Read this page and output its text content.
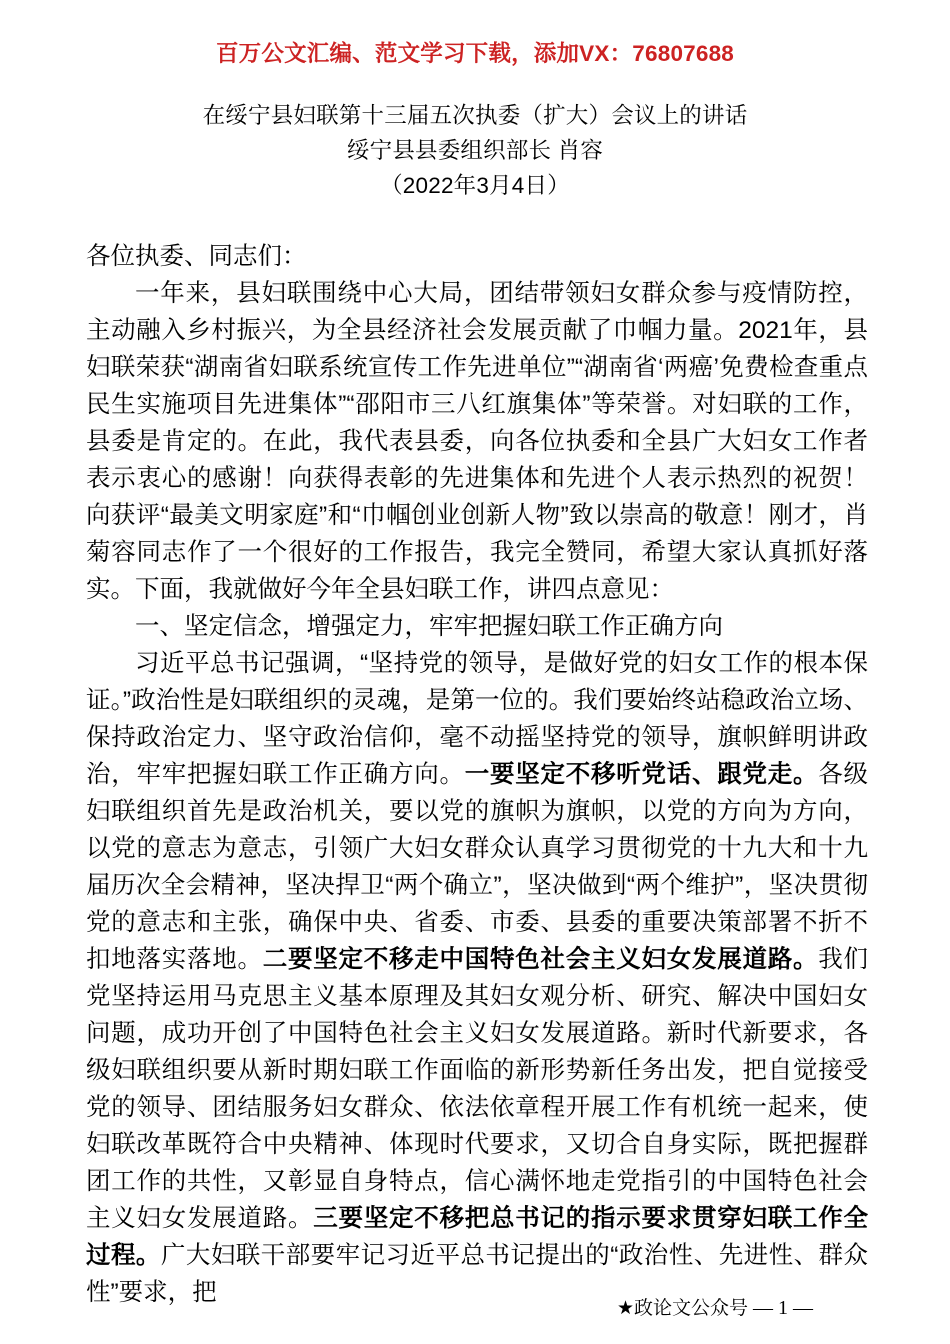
百万公文汇编、范文学习下载，添加VX：76807688
在绥宁县妇联第十三届五次执委（扩大）会议上的讲话
绥宁县县委组织部长 肖容
（2022年3月4日）

各位执委、同志们：

一年来，县妇联围绕中心大局，团结带领妇女群众参与疫情防控，主动融入乡村振兴，为全县经济社会发展贡献了巾帼力量。2021年，县妇联荣获“湖南省妇联系统宣传工作先进单位”“湖南省‘两癌’免费检查重点民生实施项目先进集体”“邵阳市三八红旗集体”等荣誉。对妇联的工作，县委是肯定的。在此，我代表县委，向各位执委和全县广大妇女工作者表示衷心的感谢！向获得表彰的先进集体和先进个人表示热烈的祝贺！向获评“最美文明家庭”和“巾帼创业创新人物”致以崇高的敬意！刚才，肖菊容同志作了一个很好的工作报告，我完全赞同，希望大家认真抓好落实。下面，我就做好今年全县妇联工作，讲四点意见：

一、坚定信念，增强定力，牢牢把握妇联工作正确方向

习近平总书记强调，“坚持党的领导，是做好党的妇女工作的根本保证。”政治性是妇联组织的灵魂，是第一位的。我们要始终站稳政治立场、保持政治定力、坚守政治信仰，毫不动摇坚持党的领导，旗帜鲜明讲政治，牢牢把握妇联工作正确方向。一要坚定不移听党话、跟党走。各级妇联组织首先是政治机关，要以党的旗帜为旗帜，以党的方向为方向，以党的意志为意志，引领广大妇女群众认真学习贯彻党的十九大和十九届历次全会精神，坚决捍卫“两个确立”，坚决做到“两个维护”，坚决贯彻党的意志和主张，确保中央、省委、市委、县委的重要决策部署不折不扣地落实落地。二要坚定不移走中国特色社会主义妇女发展道路。我们党坚持运用马克思主义基本原理及其妇女观分析、研究、解决中国妇女问题，成功开创了中国特色社会主义妇女发展道路。新时代新要求，各级妇联组织要从新时期妇联工作面临的新形势新任务出发，把自觉接受党的领导、团结服务妇女群众、依法依章程开展工作有机统一起来，使妇联改革既符合中央精神、体现时代要求，又切合自身实际，既把握群团工作的共性，又彰显自身特点，信心满怀地走党指引的中国特色社会主义妇女发展道路。三要坚定不移把总书记的指示要求贯穿妇联工作全过程。广大妇联干部要牢记习近平总书记提出的“政治性、先进性、群众性”要求，把

★政论文公众号 — 1 —
